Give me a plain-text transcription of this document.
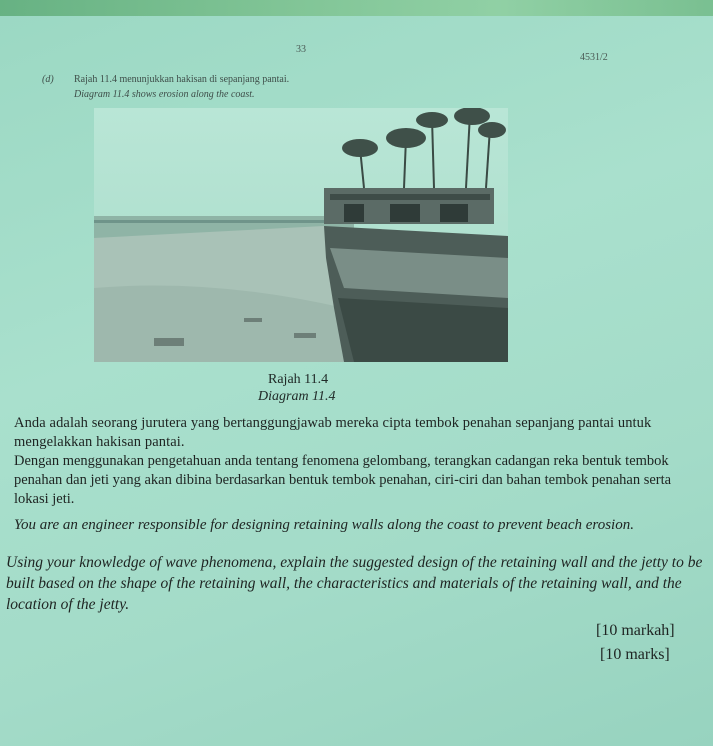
33
4531/2
(d) Rajah 11.4 menunjukkan hakisan di sepanjang pantai.
Diagram 11.4 shows erosion along the coast.
Rajah 11.4
Diagram 11.4
Anda adalah seorang jurutera yang bertanggungjawab mereka cipta tembok penahan sepanjang pantai untuk mengelakkan hakisan pantai.
Dengan menggunakan pengetahuan anda tentang fenomena gelombang, terangkan cadangan reka bentuk tembok penahan dan jeti yang akan dibina berdasarkan bentuk tembok penahan, ciri-ciri dan bahan tembok penahan serta lokasi jeti.
You are an engineer responsible for designing retaining walls along the coast to prevent beach erosion.
Using your knowledge of wave phenomena, explain the suggested design of the retaining wall and the jetty to be built based on the shape of the retaining wall, the characteristics and materials of the retaining wall, and the location of the jetty.
[10 markah]
[10 marks]
